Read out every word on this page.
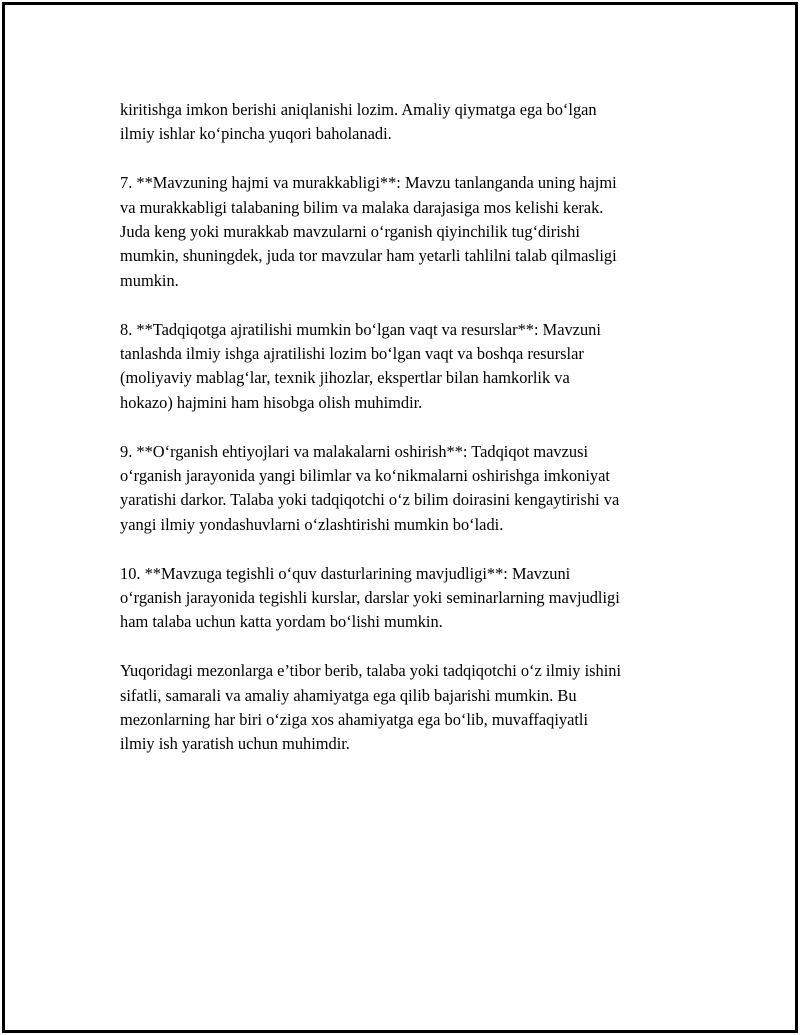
kiritishga imkon berishi aniqlanishi lozim. Amaliy qiymatga ega bo‘lgan
ilmiy ishlar ko‘pincha yuqori baholanadi.

7. **Mavzuning hajmi va murakkabligi**: Mavzu tanlanganda uning hajmi
va murakkabligi talabaning bilim va malaka darajasiga mos kelishi kerak.
Juda keng yoki murakkab mavzularni o‘rganish qiyinchilik tug‘dirishi
mumkin, shuningdek, juda tor mavzular ham yetarli tahlilni talab qilmasligi
mumkin.

8. **Tadqiqotga ajratilishi mumkin bo‘lgan vaqt va resurslar**: Mavzuni
tanlashda ilmiy ishga ajratilishi lozim bo‘lgan vaqt va boshqa resurslar
(moliyaviy mablag‘lar, texnik jihozlar, ekspertlar bilan hamkorlik va
hokazo) hajmini ham hisobga olish muhimdir.

9. **O‘rganish ehtiyojlari va malakalarni oshirish**: Tadqiqot mavzusi
o‘rganish jarayonida yangi bilimlar va ko‘nikmalarni oshirishga imkoniyat
yaratishi darkor. Talaba yoki tadqiqotchi o‘z bilim doirasini kengaytirishi va
yangi ilmiy yondashuvlarni o‘zlashtirishi mumkin bo‘ladi.

10. **Mavzuga tegishli o‘quv dasturlarining mavjudligi**: Mavzuni
o‘rganish jarayonida tegishli kurslar, darslar yoki seminarlarning mavjudligi
ham talaba uchun katta yordam bo‘lishi mumkin.

Yuqoridagi mezonlarga e’tibor berib, talaba yoki tadqiqotchi o‘z ilmiy ishini
sifatli, samarali va amaliy ahamiyatga ega qilib bajarishi mumkin. Bu
mezonlarning har biri o‘ziga xos ahamiyatga ega bo‘lib, muvaffaqiyatli
ilmiy ish yaratish uchun muhimdir.
